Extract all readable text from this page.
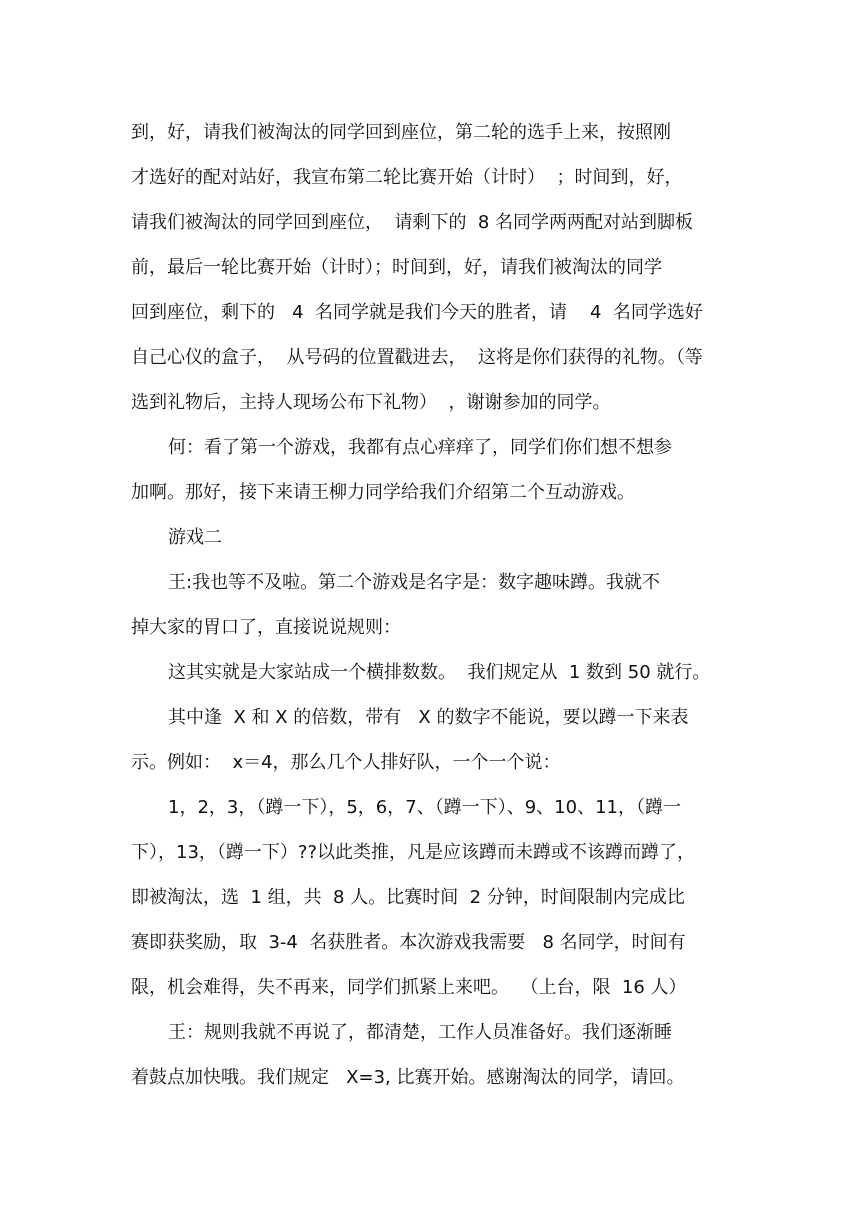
到，好，请我们被淘汰的同学回到座位，第二轮的选手上来，按照刚
才选好的配对站好，我宣布第二轮比赛开始（计时）  ；时间到，好，
请我们被淘汰的同学回到座位，  请剩下的  8 名同学两两配对站到脚板
前，最后一轮比赛开始（计时）；时间到，好，请我们被淘汰的同学
回到座位，剩下的   4  名同学就是我们今天的胜者，请    4  名同学选好
自己心仪的盒子，  从号码的位置戳进去，  这将是你们获得的礼物。（等
选到礼物后，主持人现场公布下礼物）  ，谢谢参加的同学。
何：看了第一个游戏，我都有点心痒痒了，同学们你们想不想参
加啊。那好，接下来请王柳力同学给我们介绍第二个互动游戏。
游戏二
王:我也等不及啦。第二个游戏是名字是：数字趣味蹲。我就不
掉大家的胃口了，直接说说规则：
这其实就是大家站成一个横排数数。  我们规定从  1 数到 50 就行。
其中逢  X 和 X 的倍数，带有   X 的数字不能说，要以蹲一下来表
示。例如：  x＝4，那么几个人排好队，一个一个说：
1，2，3，（蹲一下），5，6，7、（蹲一下）、9、10、11，（蹲一
下），13，（蹲一下）??以此类推，凡是应该蹲而未蹲或不该蹲而蹲了，
即被淘汰，选  1 组，共  8 人。比赛时间  2 分钟，时间限制内完成比
赛即获奖励，取  3-4  名获胜者。本次游戏我需要   8 名同学，时间有
限，机会难得，失不再来，同学们抓紧上来吧。  （上台，限  16 人）
王：规则我就不再说了，都清楚，工作人员准备好。我们逐渐睡
着鼓点加快哦。我们规定   X=3, 比赛开始。感谢淘汰的同学，请回。
